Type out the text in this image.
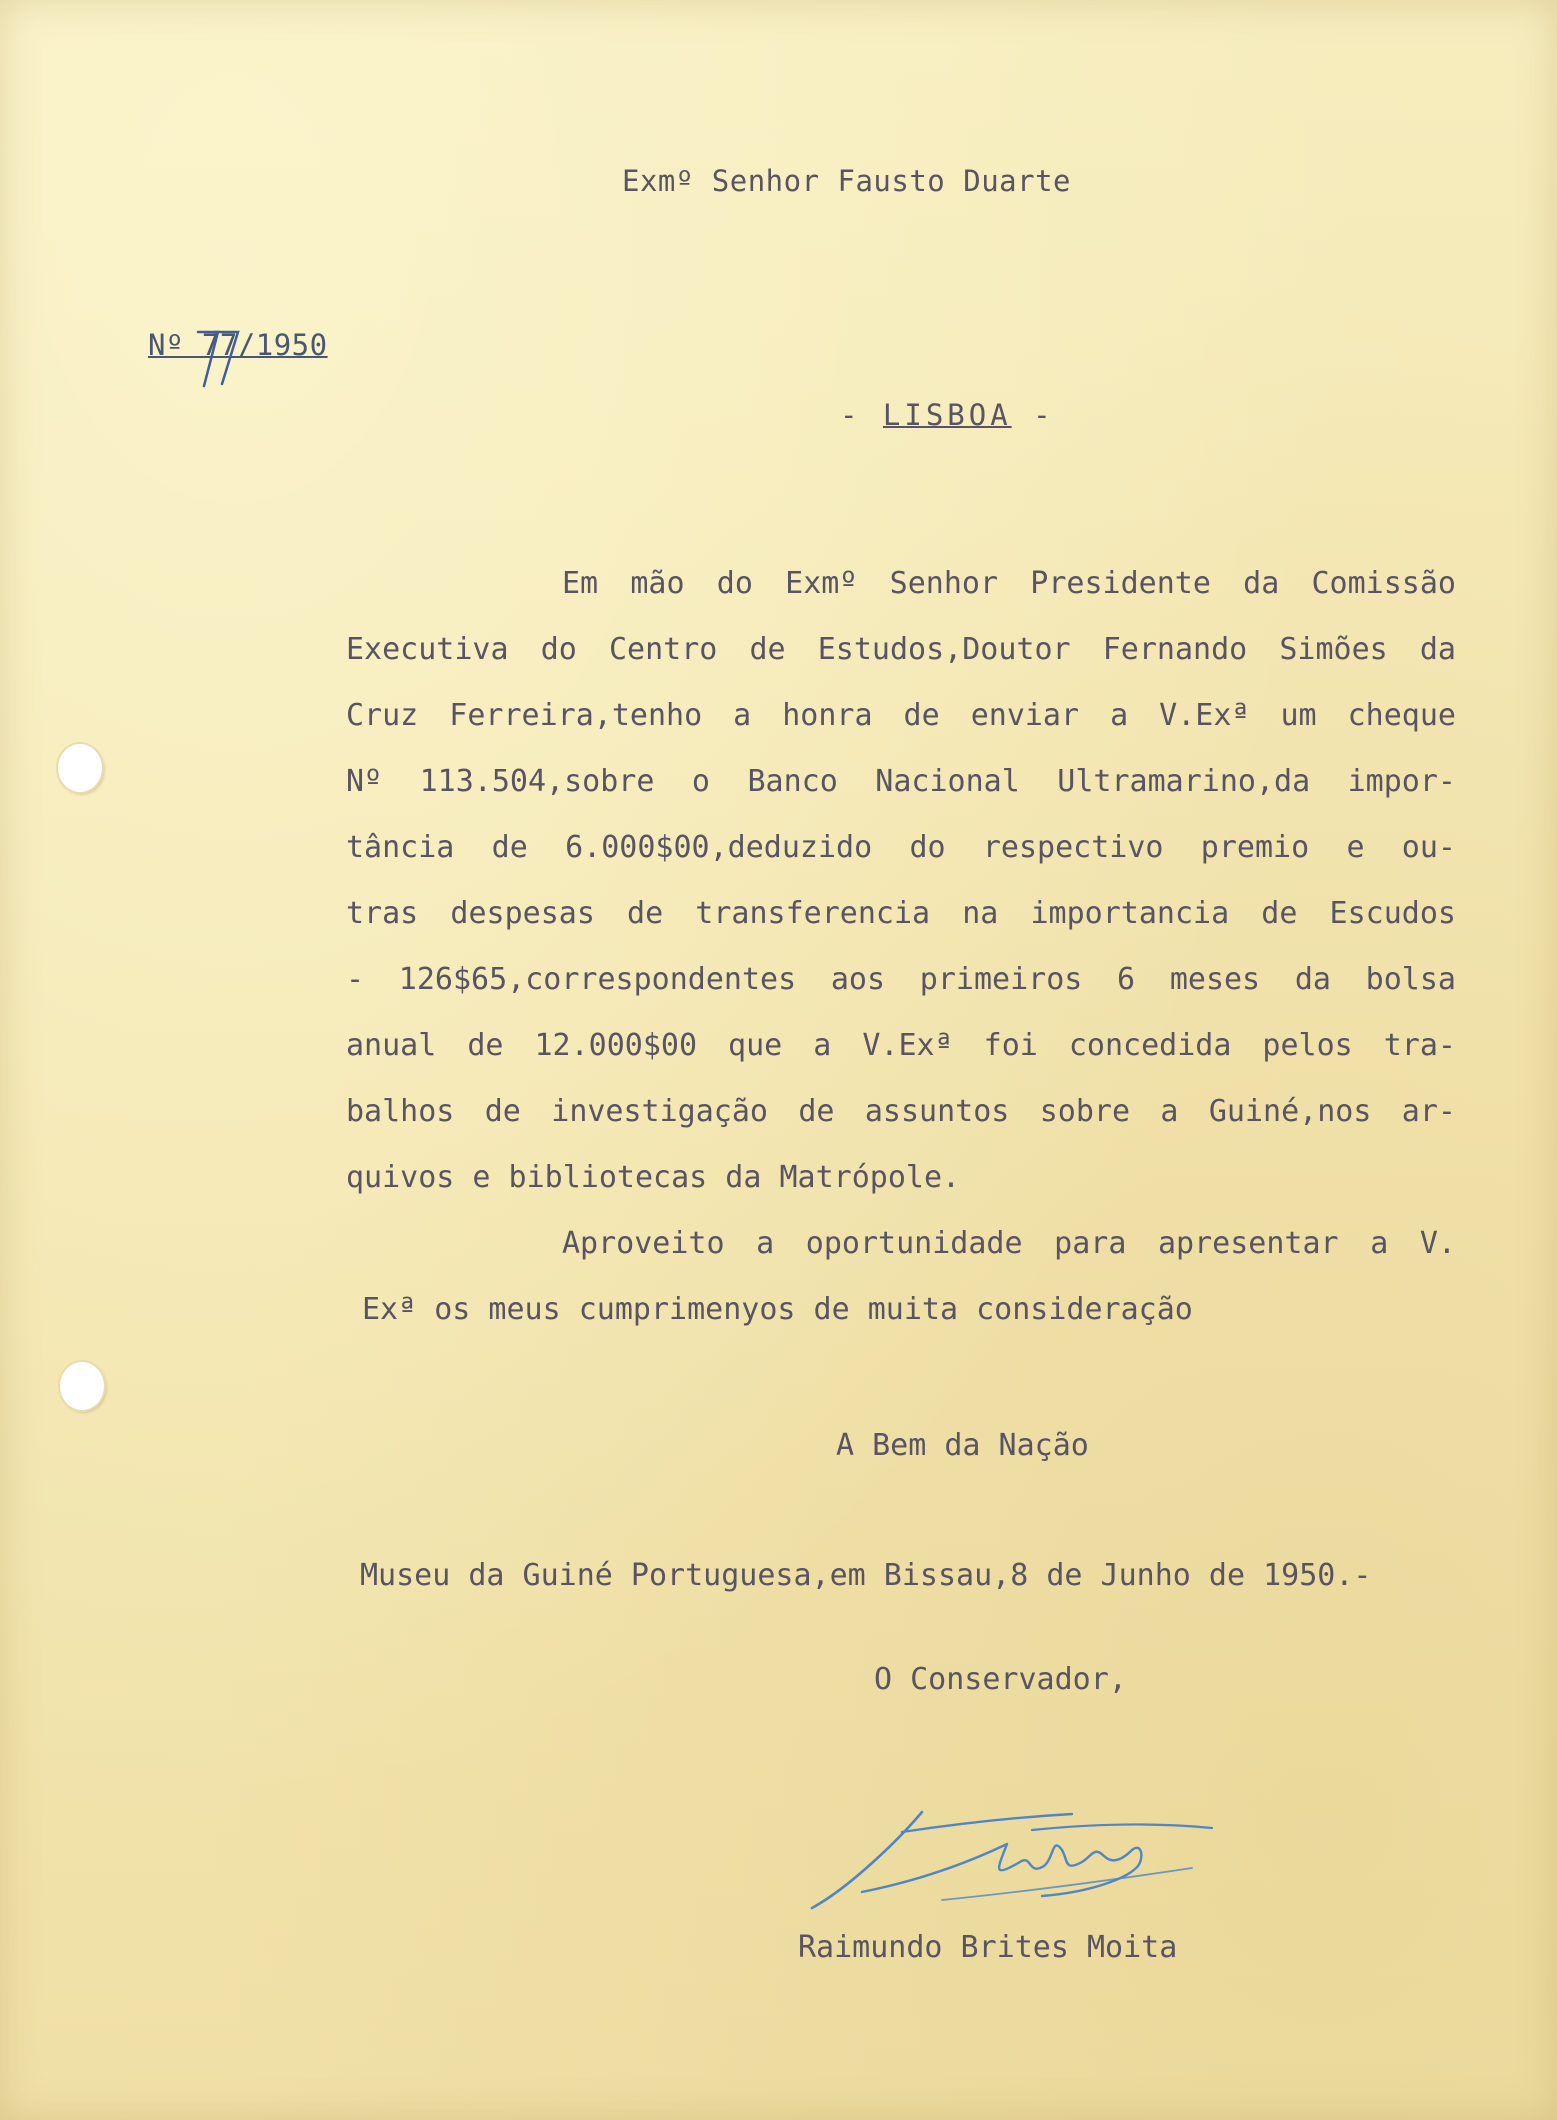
Exmº Senhor Fausto Duarte
Nº 77/1950
- LISBOA -
Em mão do Exmº Senhor Presidente da Comissão
Executiva do Centro de Estudos,Doutor Fernando Simões da
Cruz Ferreira,tenho a honra de enviar a V.Exª um cheque
Nº 113.504,sobre o Banco Nacional Ultramarino,da impor-
tância de 6.000$00,deduzido do respectivo premio e ou-
tras despesas de transferencia na importancia de Escudos
- 126$65,correspondentes aos primeiros 6 meses da bolsa
anual de 12.000$00 que a V.Exª foi concedida pelos tra-
balhos de investigação de assuntos sobre a Guiné,nos ar-
quivos e bibliotecas da Matrópole.
Aproveito a oportunidade para apresentar a V.
Exª os meus cumprimenyos de muita consideração
A Bem da Nação
Museu da Guiné Portuguesa,em Bissau,8 de Junho de 1950.-
O Conservador,
Raimundo Brites Moita
